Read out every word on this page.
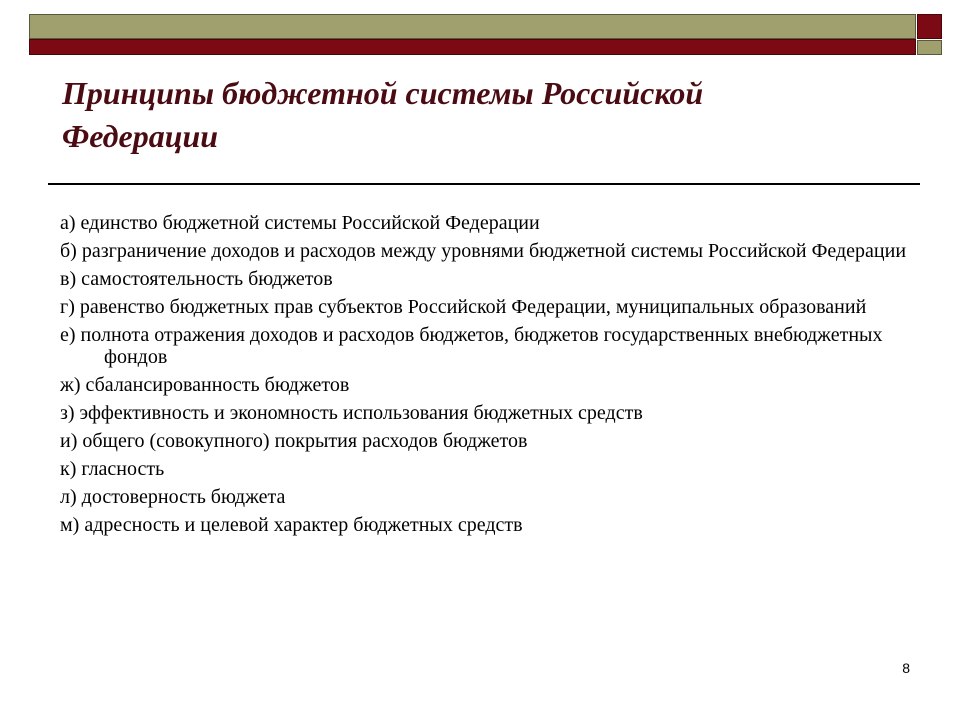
Принципы бюджетной системы Российской Федерации
а) единство бюджетной системы Российской Федерации
б) разграничение доходов и расходов между уровнями бюджетной системы Российской Федерации
в) самостоятельность бюджетов
г) равенство бюджетных прав субъектов Российской Федерации, муниципальных образований
е) полнота отражения доходов и расходов бюджетов, бюджетов государственных внебюджетных фондов
ж) сбалансированность бюджетов
з) эффективность и экономность использования бюджетных средств
и) общего (совокупного) покрытия расходов бюджетов
к) гласность
л) достоверность бюджета
м) адресность и целевой характер бюджетных средств
8
